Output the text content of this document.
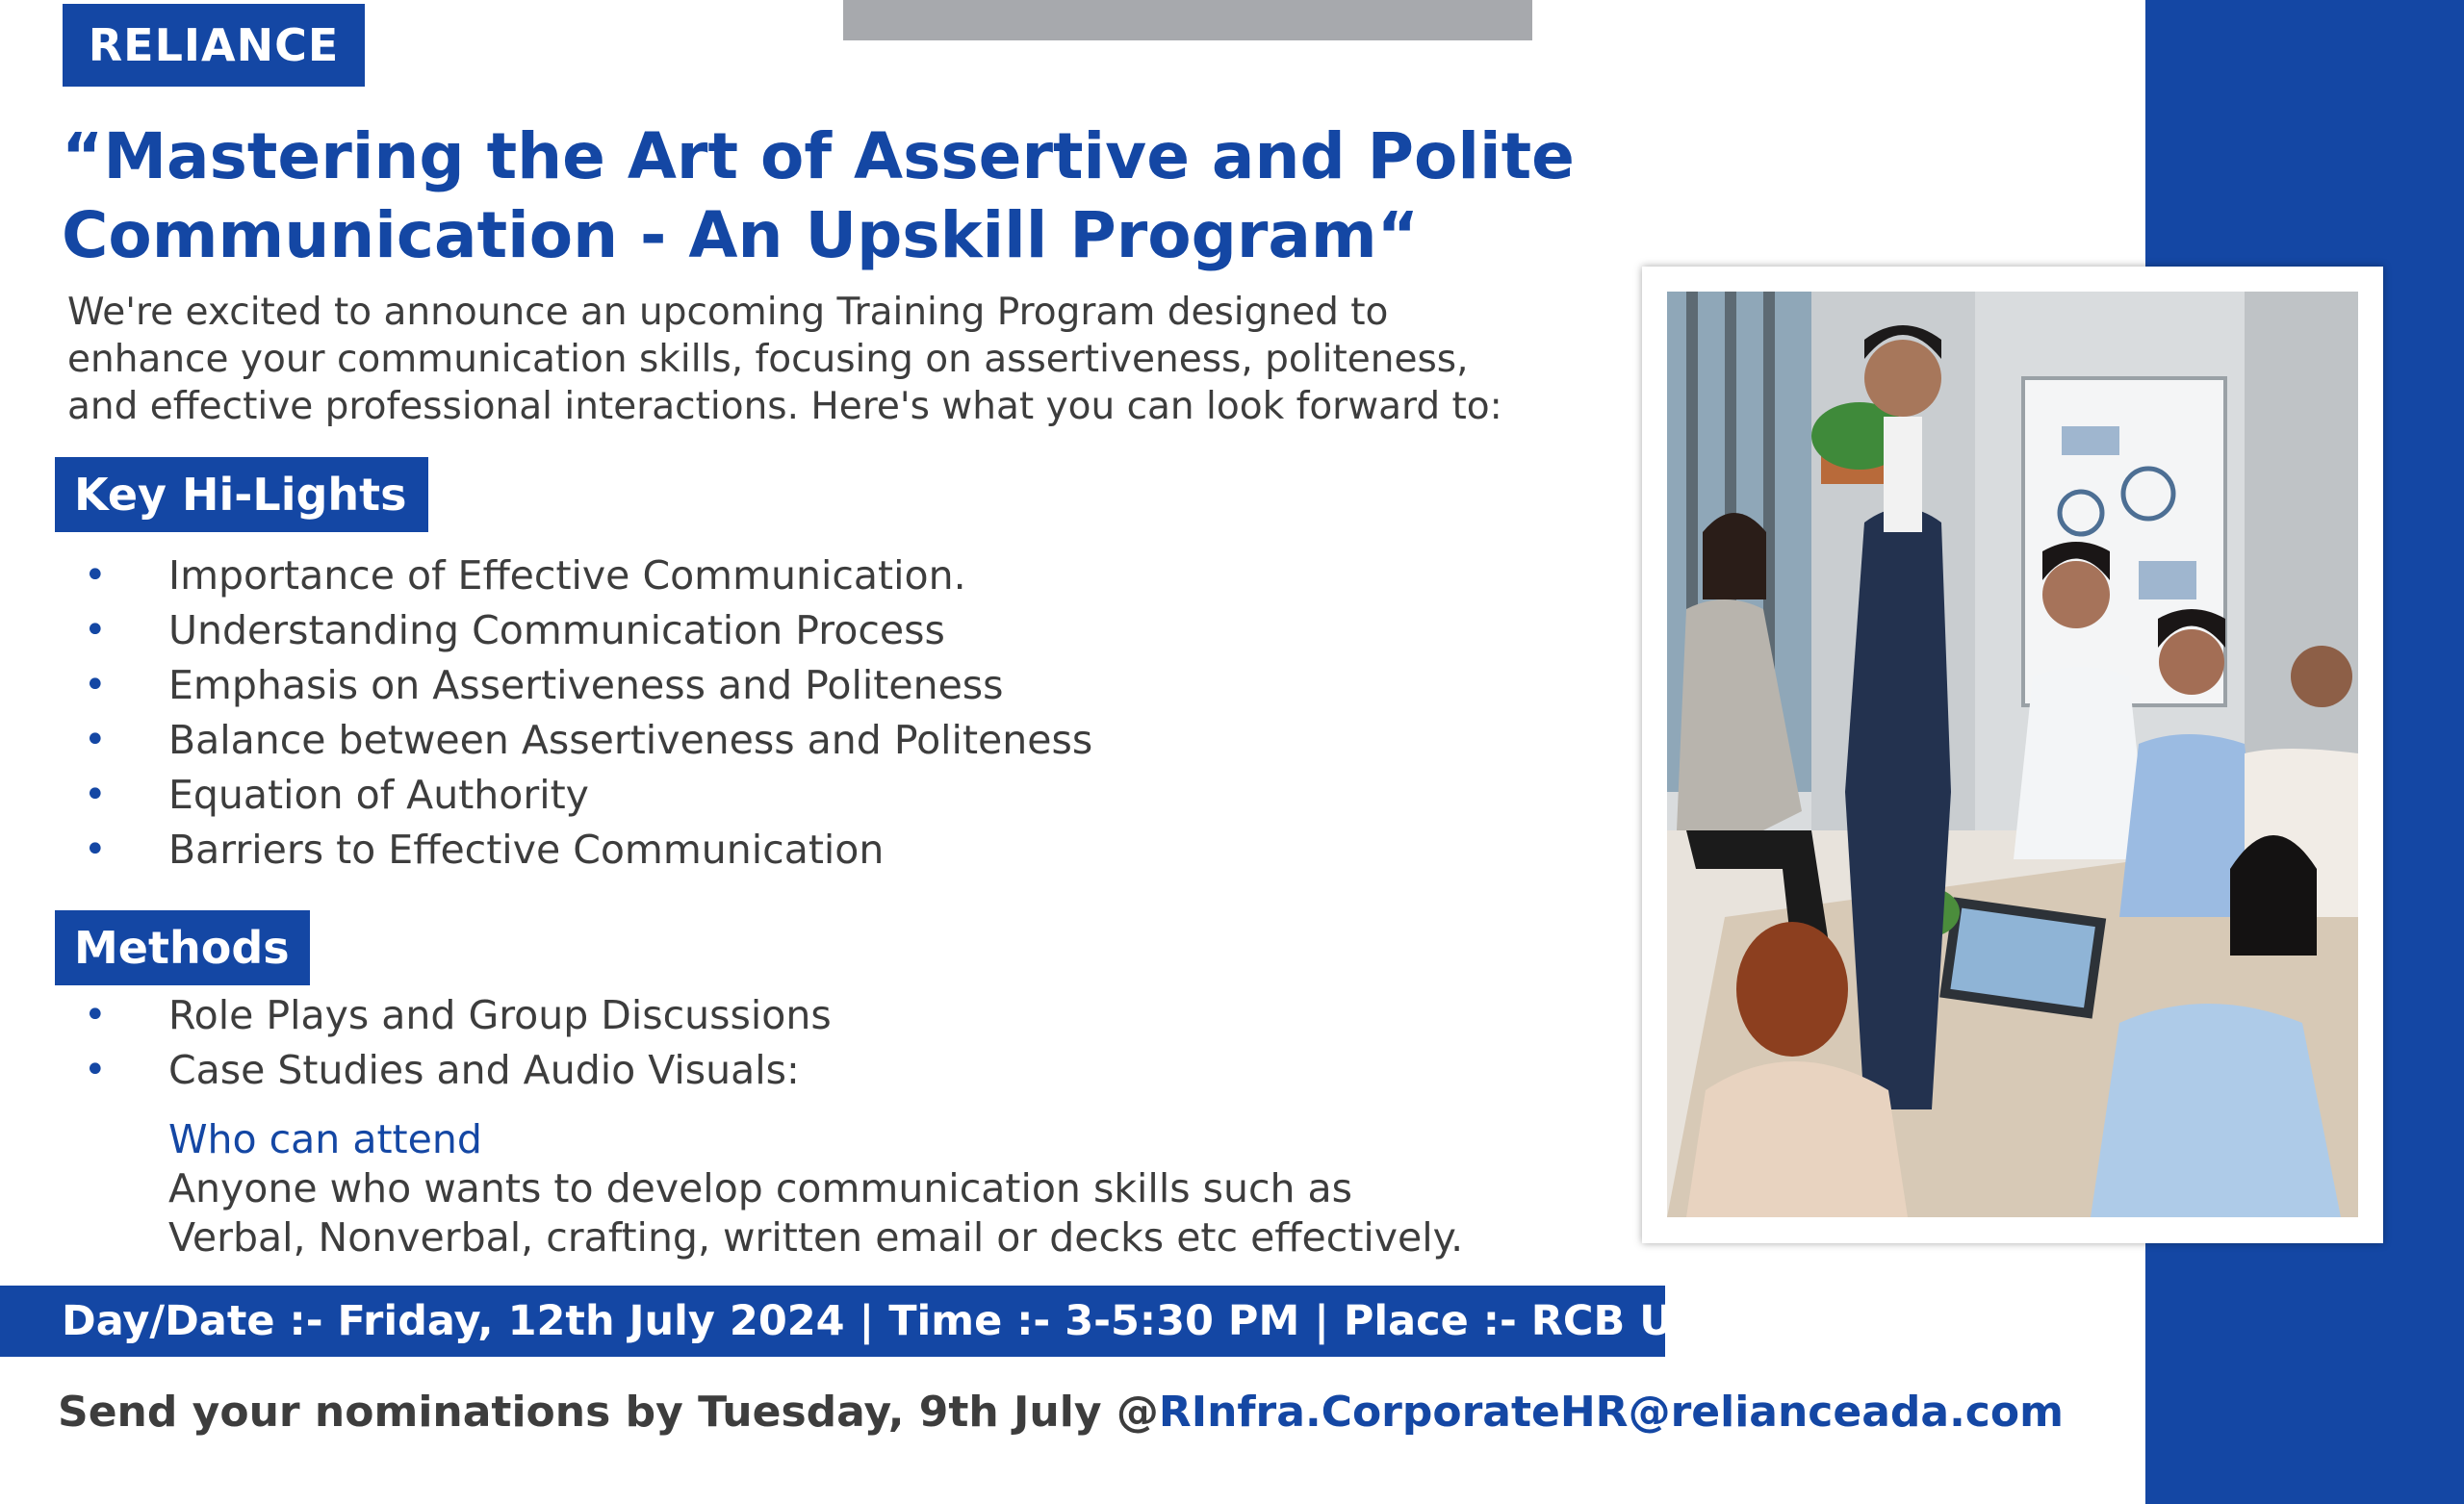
RELIANCE
“Mastering the Art of Assertive and Polite
Communication - An Upskill Program“

We're excited to announce an upcoming Training Program designed to
enhance your communication skills, focusing on assertiveness, politeness,
and effective professional interactions. Here's what you can look forward to:

Key Hi-Lights
• Importance of Effective Communication.
• Understanding Communication Process
• Emphasis on Assertiveness and Politeness
• Balance between Assertiveness and Politeness
• Equation of Authority
• Barriers to Effective Communication
Methods
• Role Plays and Group Discussions
• Case Studies and Audio Visuals:
Who can attend

Anyone who wants to develop communication skills such as
Verbal, Nonverbal, crafting, written email or decks etc effectively.

Day/Date :- Friday, 12th July 2024 | Time :- 3-5:30 PM | Place :- RCB UG-18
Send your nominations by Tuesday, 9th July @RInfra.CorporateHR@relianceada.com
